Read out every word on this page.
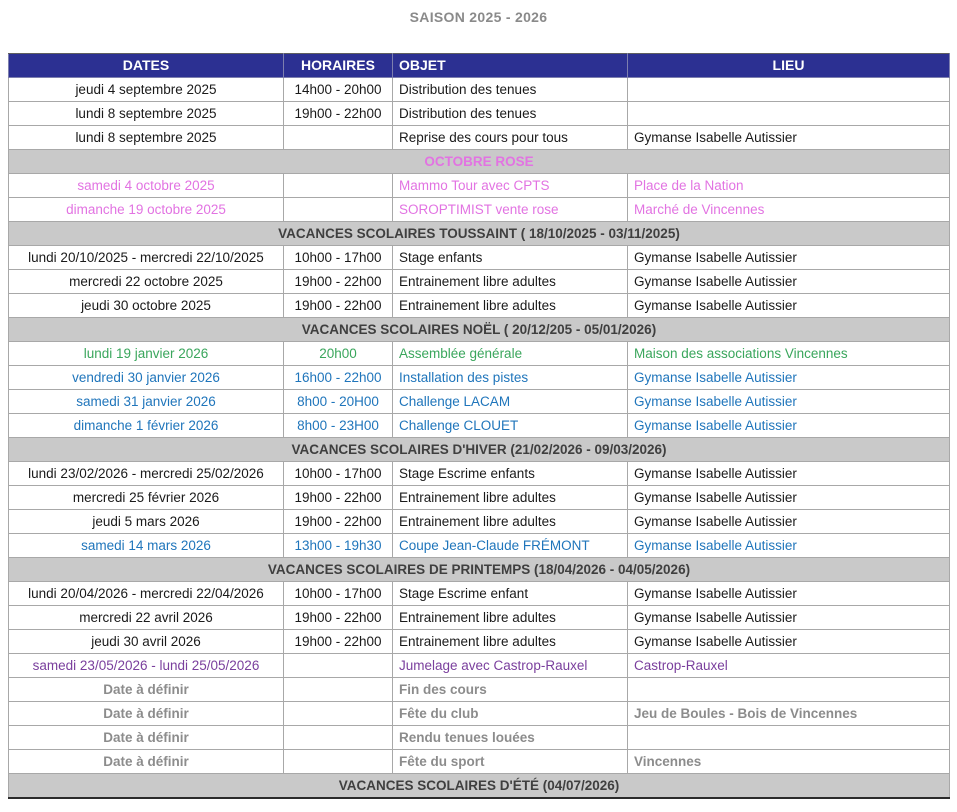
SAISON 2025 - 2026
DATES	HORAIRES	OBJET	LIEU
jeudi 4 septembre 2025	14h00 - 20h00	Distribution des tenues	
lundi 8 septembre 2025	19h00 - 22h00	Distribution des tenues	
lundi 8 septembre 2025		Reprise des cours pour tous	Gymanse Isabelle Autissier
OCTOBRE ROSE			
samedi 4 octobre 2025		Mammo Tour avec CPTS	Place de la Nation
dimanche 19 octobre 2025		SOROPTIMIST vente rose	Marché de Vincennes
VACANCES SCOLAIRES TOUSSAINT ( 18/10/2025 - 03/11/2025)			
lundi 20/10/2025 - mercredi 22/10/2025	10h00 - 17h00	Stage enfants	Gymanse Isabelle Autissier
mercredi 22 octobre 2025	19h00 - 22h00	Entrainement libre adultes	Gymanse Isabelle Autissier
jeudi 30 octobre 2025	19h00 - 22h00	Entrainement libre adultes	Gymanse Isabelle Autissier
VACANCES SCOLAIRES NOËL ( 20/12/205 - 05/01/2026)			
lundi 19 janvier 2026	20h00	Assemblée générale	Maison des associations Vincennes
vendredi 30 janvier 2026	16h00 - 22h00	Installation des pistes	Gymanse Isabelle Autissier
samedi 31 janvier 2026	8h00 - 20H00	Challenge LACAM	Gymanse Isabelle Autissier
dimanche 1 février 2026	8h00 - 23H00	Challenge CLOUET	Gymanse Isabelle Autissier
VACANCES SCOLAIRES D'HIVER (21/02/2026 - 09/03/2026)			
lundi 23/02/2026 - mercredi 25/02/2026	10h00 - 17h00	Stage Escrime enfants	Gymanse Isabelle Autissier
mercredi 25 février 2026	19h00 - 22h00	Entrainement libre adultes	Gymanse Isabelle Autissier
jeudi 5 mars 2026	19h00 - 22h00	Entrainement libre adultes	Gymanse Isabelle Autissier
samedi 14 mars 2026	13h00 - 19h30	Coupe Jean-Claude FRÉMONT	Gymanse Isabelle Autissier
VACANCES SCOLAIRES DE PRINTEMPS (18/04/2026 - 04/05/2026)			
lundi 20/04/2026 - mercredi 22/04/2026	10h00 - 17h00	Stage Escrime enfant	Gymanse Isabelle Autissier
mercredi 22 avril 2026	19h00 - 22h00	Entrainement libre adultes	Gymanse Isabelle Autissier
jeudi 30 avril 2026	19h00 - 22h00	Entrainement libre adultes	Gymanse Isabelle Autissier
samedi 23/05/2026 - lundi 25/05/2026		Jumelage avec Castrop-Rauxel	Castrop-Rauxel
Date à définir		Fin des cours	
Date à définir		Fête du club	Jeu de Boules - Bois de Vincennes
Date à définir		Rendu tenues louées	
Date à définir		Fête du sport	Vincennes
VACANCES SCOLAIRES D'ÉTÉ (04/07/2026)			
